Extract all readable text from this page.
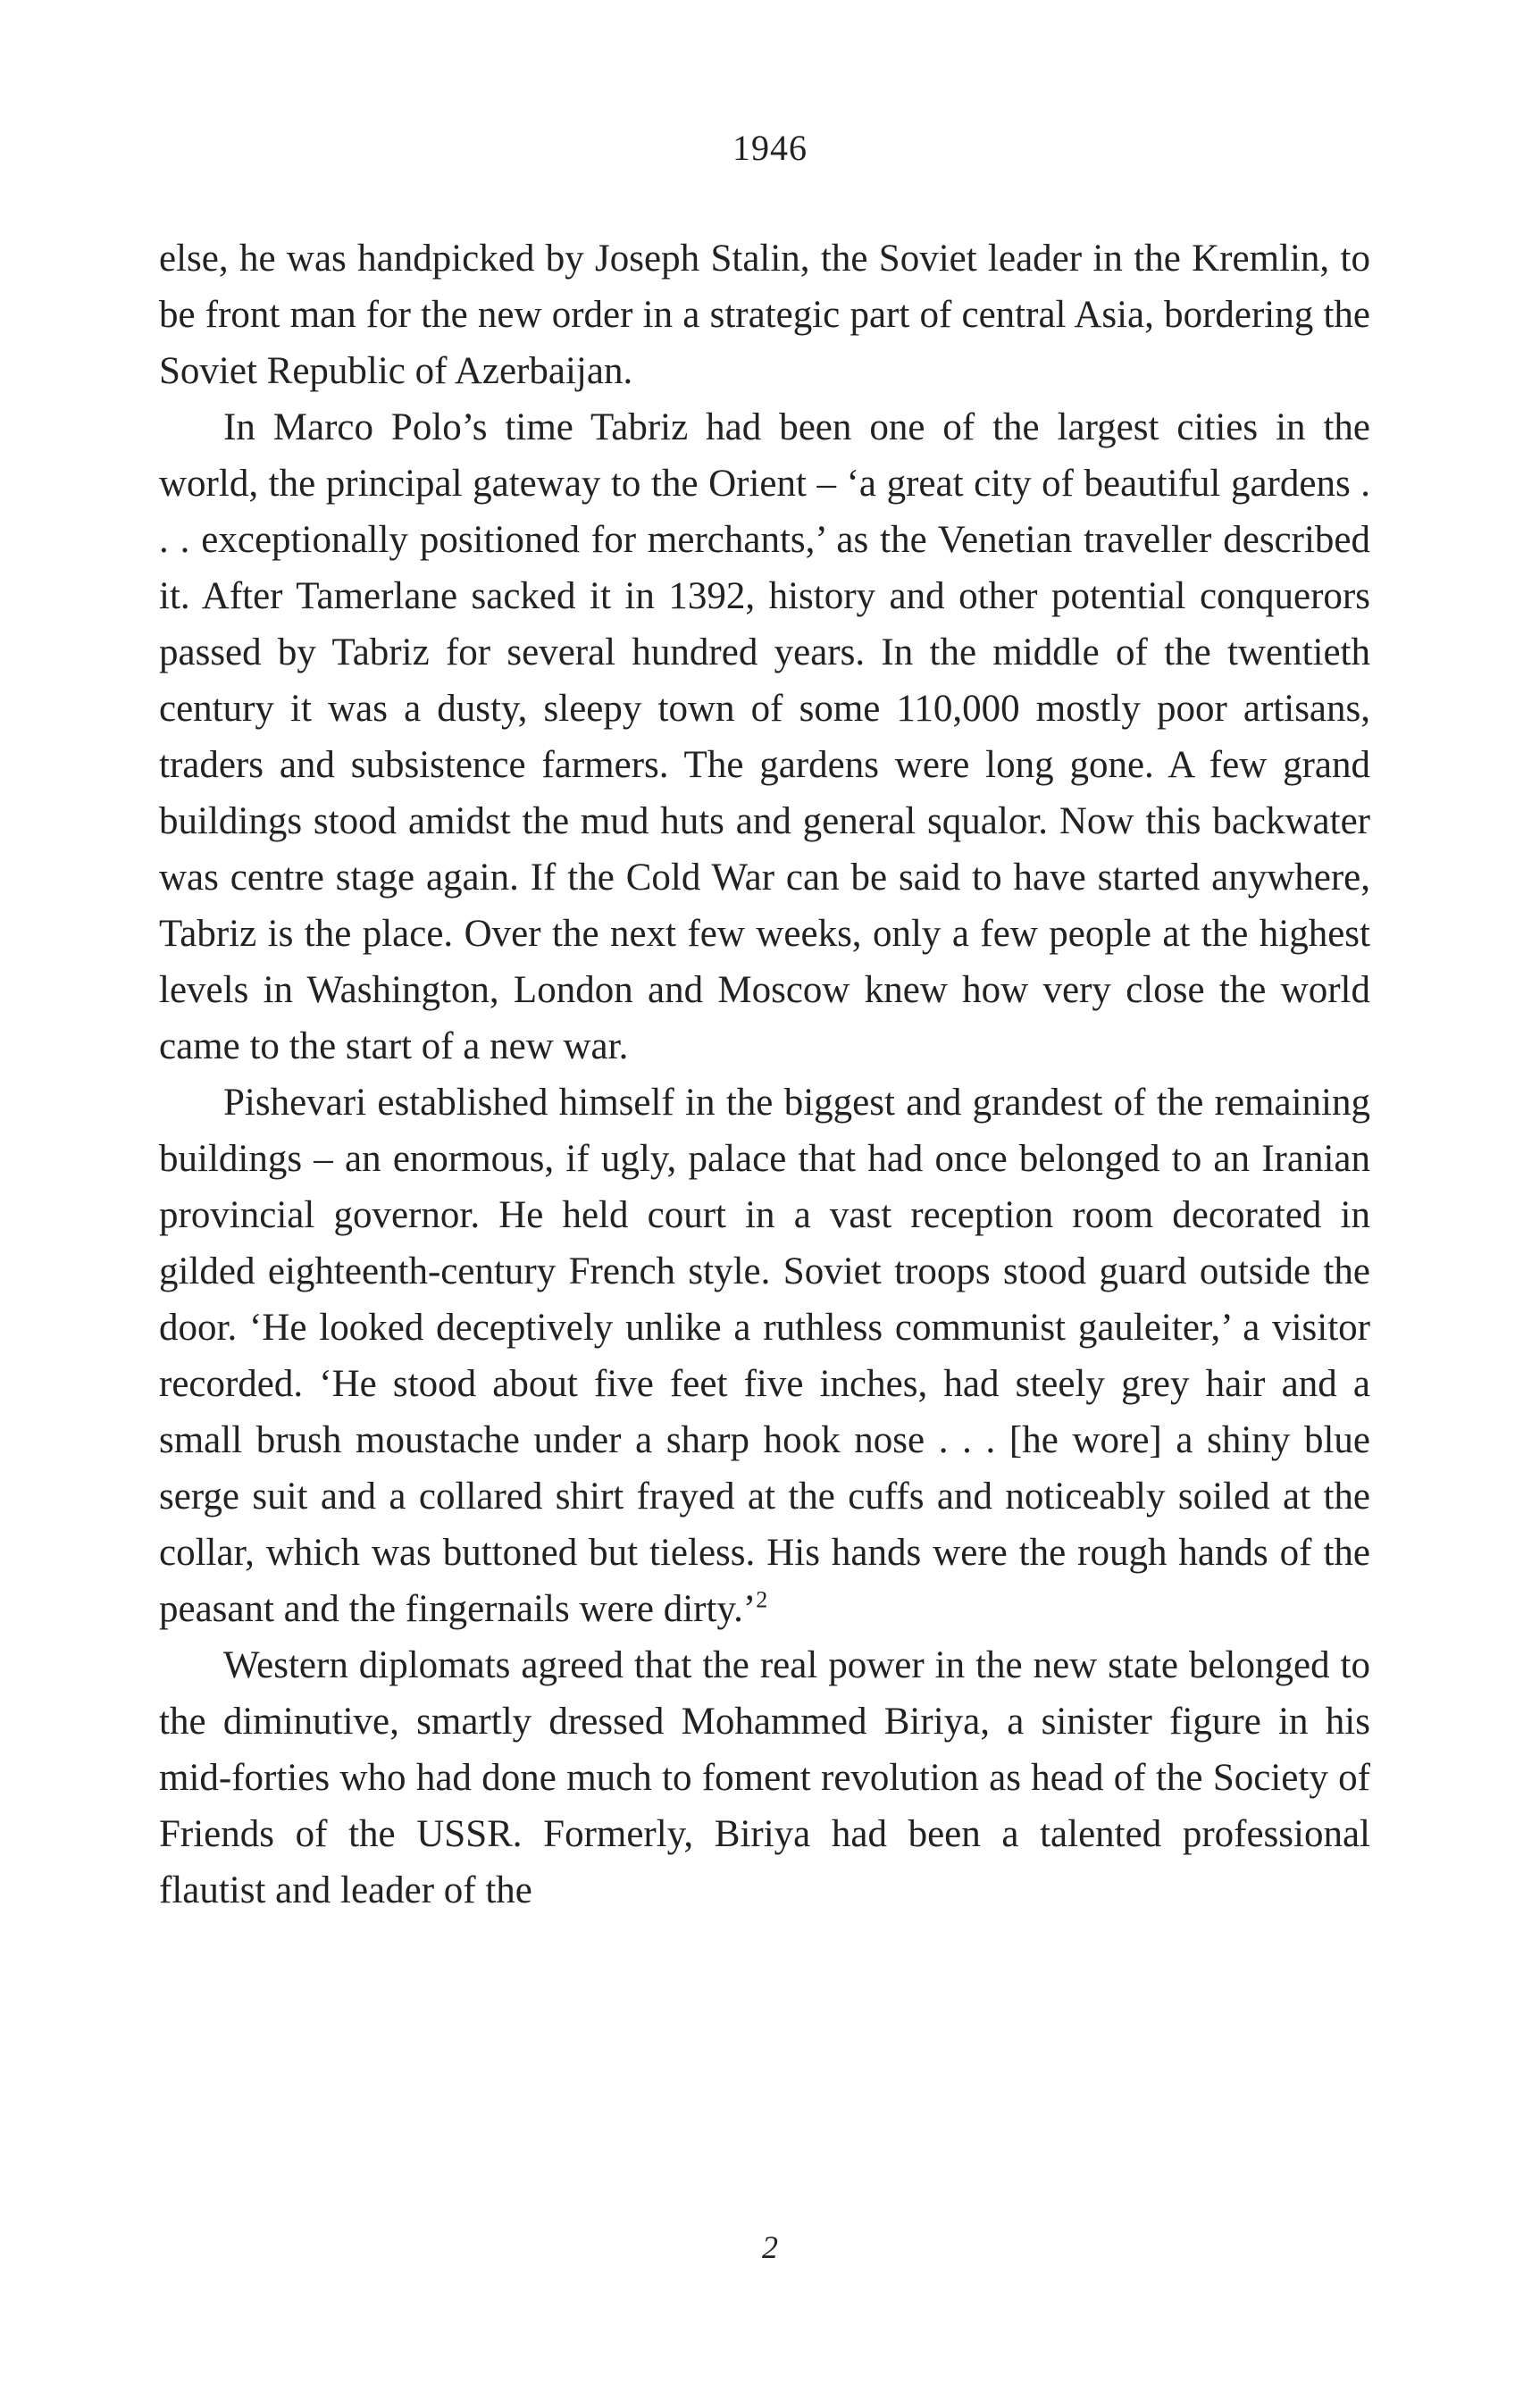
1946

else, he was handpicked by Joseph Stalin, the Soviet leader in the Kremlin, to be front man for the new order in a strategic part of central Asia, bordering the Soviet Republic of Azerbaijan.

In Marco Polo’s time Tabriz had been one of the largest cities in the world, the principal gateway to the Orient – ‘a great city of beautiful gardens . . . exceptionally positioned for merchants,’ as the Venetian traveller described it. After Tamerlane sacked it in 1392, history and other potential conquerors passed by Tabriz for several hundred years. In the middle of the twentieth century it was a dusty, sleepy town of some 110,000 mostly poor artisans, traders and subsistence farmers. The gardens were long gone. A few grand buildings stood amidst the mud huts and general squalor. Now this backwater was centre stage again. If the Cold War can be said to have started anywhere, Tabriz is the place. Over the next few weeks, only a few people at the highest levels in Washington, London and Moscow knew how very close the world came to the start of a new war.

Pishevari established himself in the biggest and grandest of the remaining buildings – an enormous, if ugly, palace that had once belonged to an Iranian provincial governor. He held court in a vast reception room decorated in gilded eighteenth-century French style. Soviet troops stood guard outside the door. ‘He looked deceptively unlike a ruthless communist gauleiter,’ a visitor recorded. ‘He stood about five feet five inches, had steely grey hair and a small brush moustache under a sharp hook nose . . . [he wore] a shiny blue serge suit and a collared shirt frayed at the cuffs and noticeably soiled at the collar, which was buttoned but tieless. His hands were the rough hands of the peasant and the fingernails were dirty.’$^2$

Western diplomats agreed that the real power in the new state belonged to the diminutive, smartly dressed Mohammed Biriya, a sinister figure in his mid-forties who had done much to foment revolution as head of the Society of Friends of the USSR. Formerly, Biriya had been a talented professional flautist and leader of the

2
